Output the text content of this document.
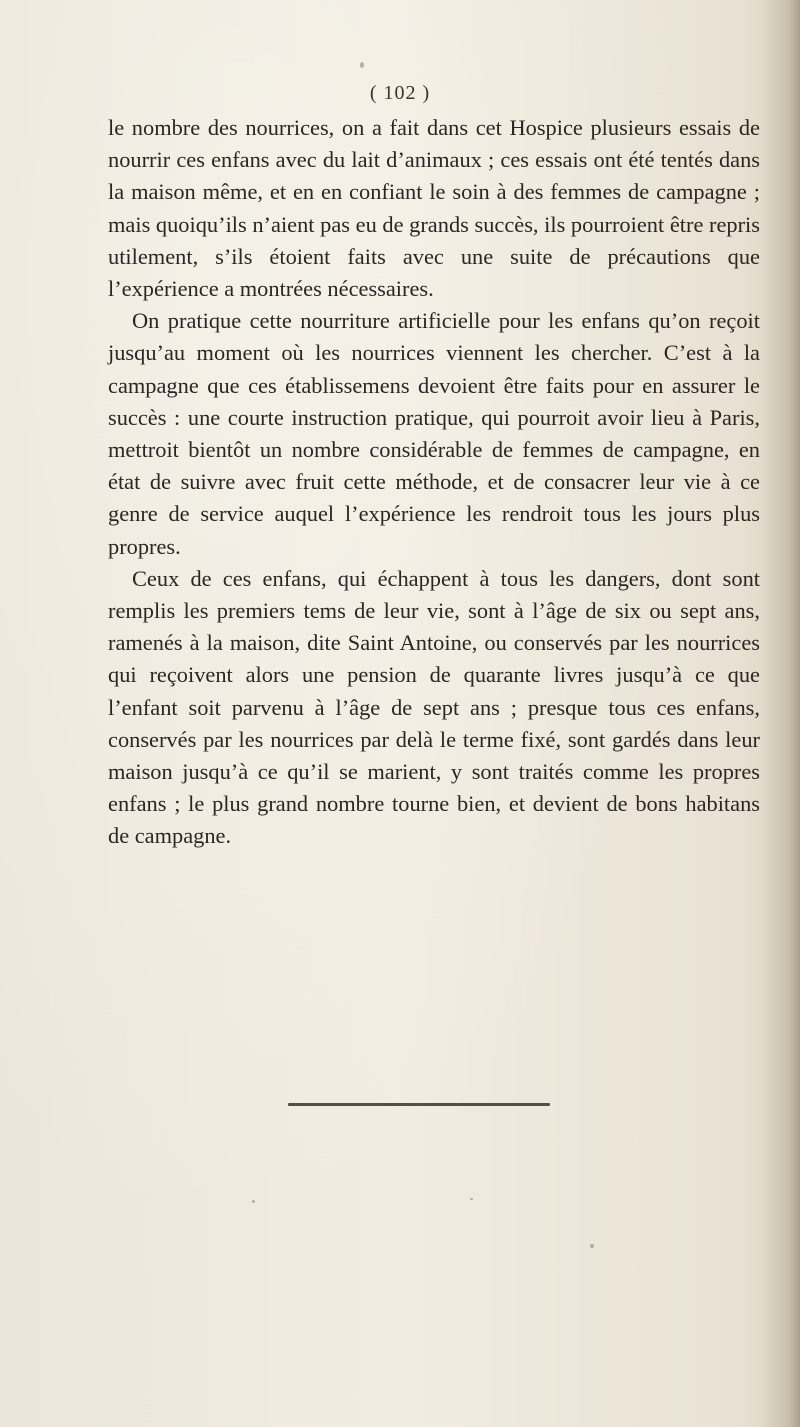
( 102 )

le nombre des nourrices, on a fait dans cet Hospice plusieurs essais de nourrir ces enfans avec du lait d’animaux ; ces essais ont été tentés dans la maison même, et en en confiant le soin à des femmes de campagne ; mais quoiqu’ils n’aient pas eu de grands succès, ils pourroient être repris utilement, s’ils étoient faits avec une suite de précautions que l’expérience a montrées nécessaires.

On pratique cette nourriture artificielle pour les enfans qu’on reçoit jusqu’au moment où les nourrices viennent les chercher. C’est à la campagne que ces établissemens devoient être faits pour en assurer le succès : une courte instruction pratique, qui pourroit avoir lieu à Paris, mettroit bientôt un nombre considérable de femmes de campagne, en état de suivre avec fruit cette méthode, et de consacrer leur vie à ce genre de service auquel l’expérience les rendroit tous les jours plus propres.

Ceux de ces enfans, qui échappent à tous les dangers, dont sont remplis les premiers tems de leur vie, sont à l’âge de six ou sept ans, ramenés à la maison, dite Saint Antoine, ou conservés par les nourrices qui reçoivent alors une pension de quarante livres jusqu’à ce que l’enfant soit parvenu à l’âge de sept ans ; presque tous ces enfans, conservés par les nourrices par delà le terme fixé, sont gardés dans leur maison jusqu’à ce qu’il se marient, y sont traités comme les propres enfans ; le plus grand nombre tourne bien, et devient de bons habitans de campagne.
